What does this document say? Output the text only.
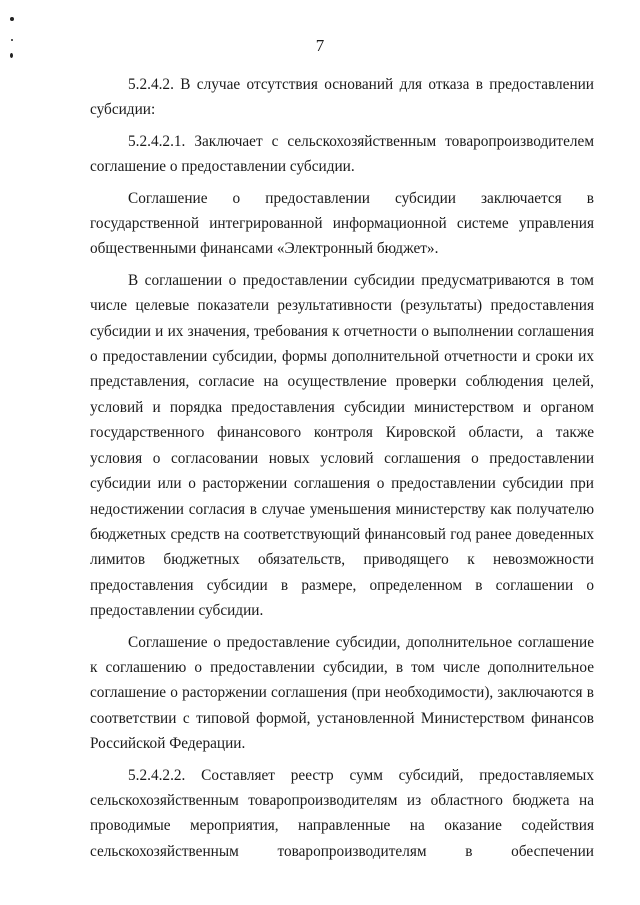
7

5.2.4.2. В случае отсутствия оснований для отказа в предоставлении субсидии:

5.2.4.2.1. Заключает с сельскохозяйственным товаропроизводителем соглашение о предоставлении субсидии.

Соглашение о предоставлении субсидии заключается в государственной интегрированной информационной системе управления общественными финансами «Электронный бюджет».

В соглашении о предоставлении субсидии предусматриваются в том числе целевые показатели результативности (результаты) предоставления субсидии и их значения, требования к отчетности о выполнении соглашения о предоставлении субсидии, формы дополнительной отчетности и сроки их представления, согласие на осуществление проверки соблюдения целей, условий и порядка предоставления субсидии министерством и органом государственного финансового контроля Кировской области, а также условия о согласовании новых условий соглашения о предоставлении субсидии или о расторжении соглашения о предоставлении субсидии при недостижении согласия в случае уменьшения министерству как получателю бюджетных средств на соответствующий финансовый год ранее доведенных лимитов бюджетных обязательств, приводящего к невозможности предоставления субсидии в размере, определенном в соглашении о предоставлении субсидии.

Соглашение о предоставление субсидии, дополнительное соглашение к соглашению о предоставлении субсидии, в том числе дополнительное соглашение о расторжении соглашения (при необходимости), заключаются в соответствии с типовой формой, установленной Министерством финансов Российской Федерации.

5.2.4.2.2. Составляет реестр сумм субсидий, предоставляемых сельскохозяйственным товаропроизводителям из областного бюджета на проводимые мероприятия, направленные на оказание содействия сельскохозяйственным товаропроизводителям в обеспечении
